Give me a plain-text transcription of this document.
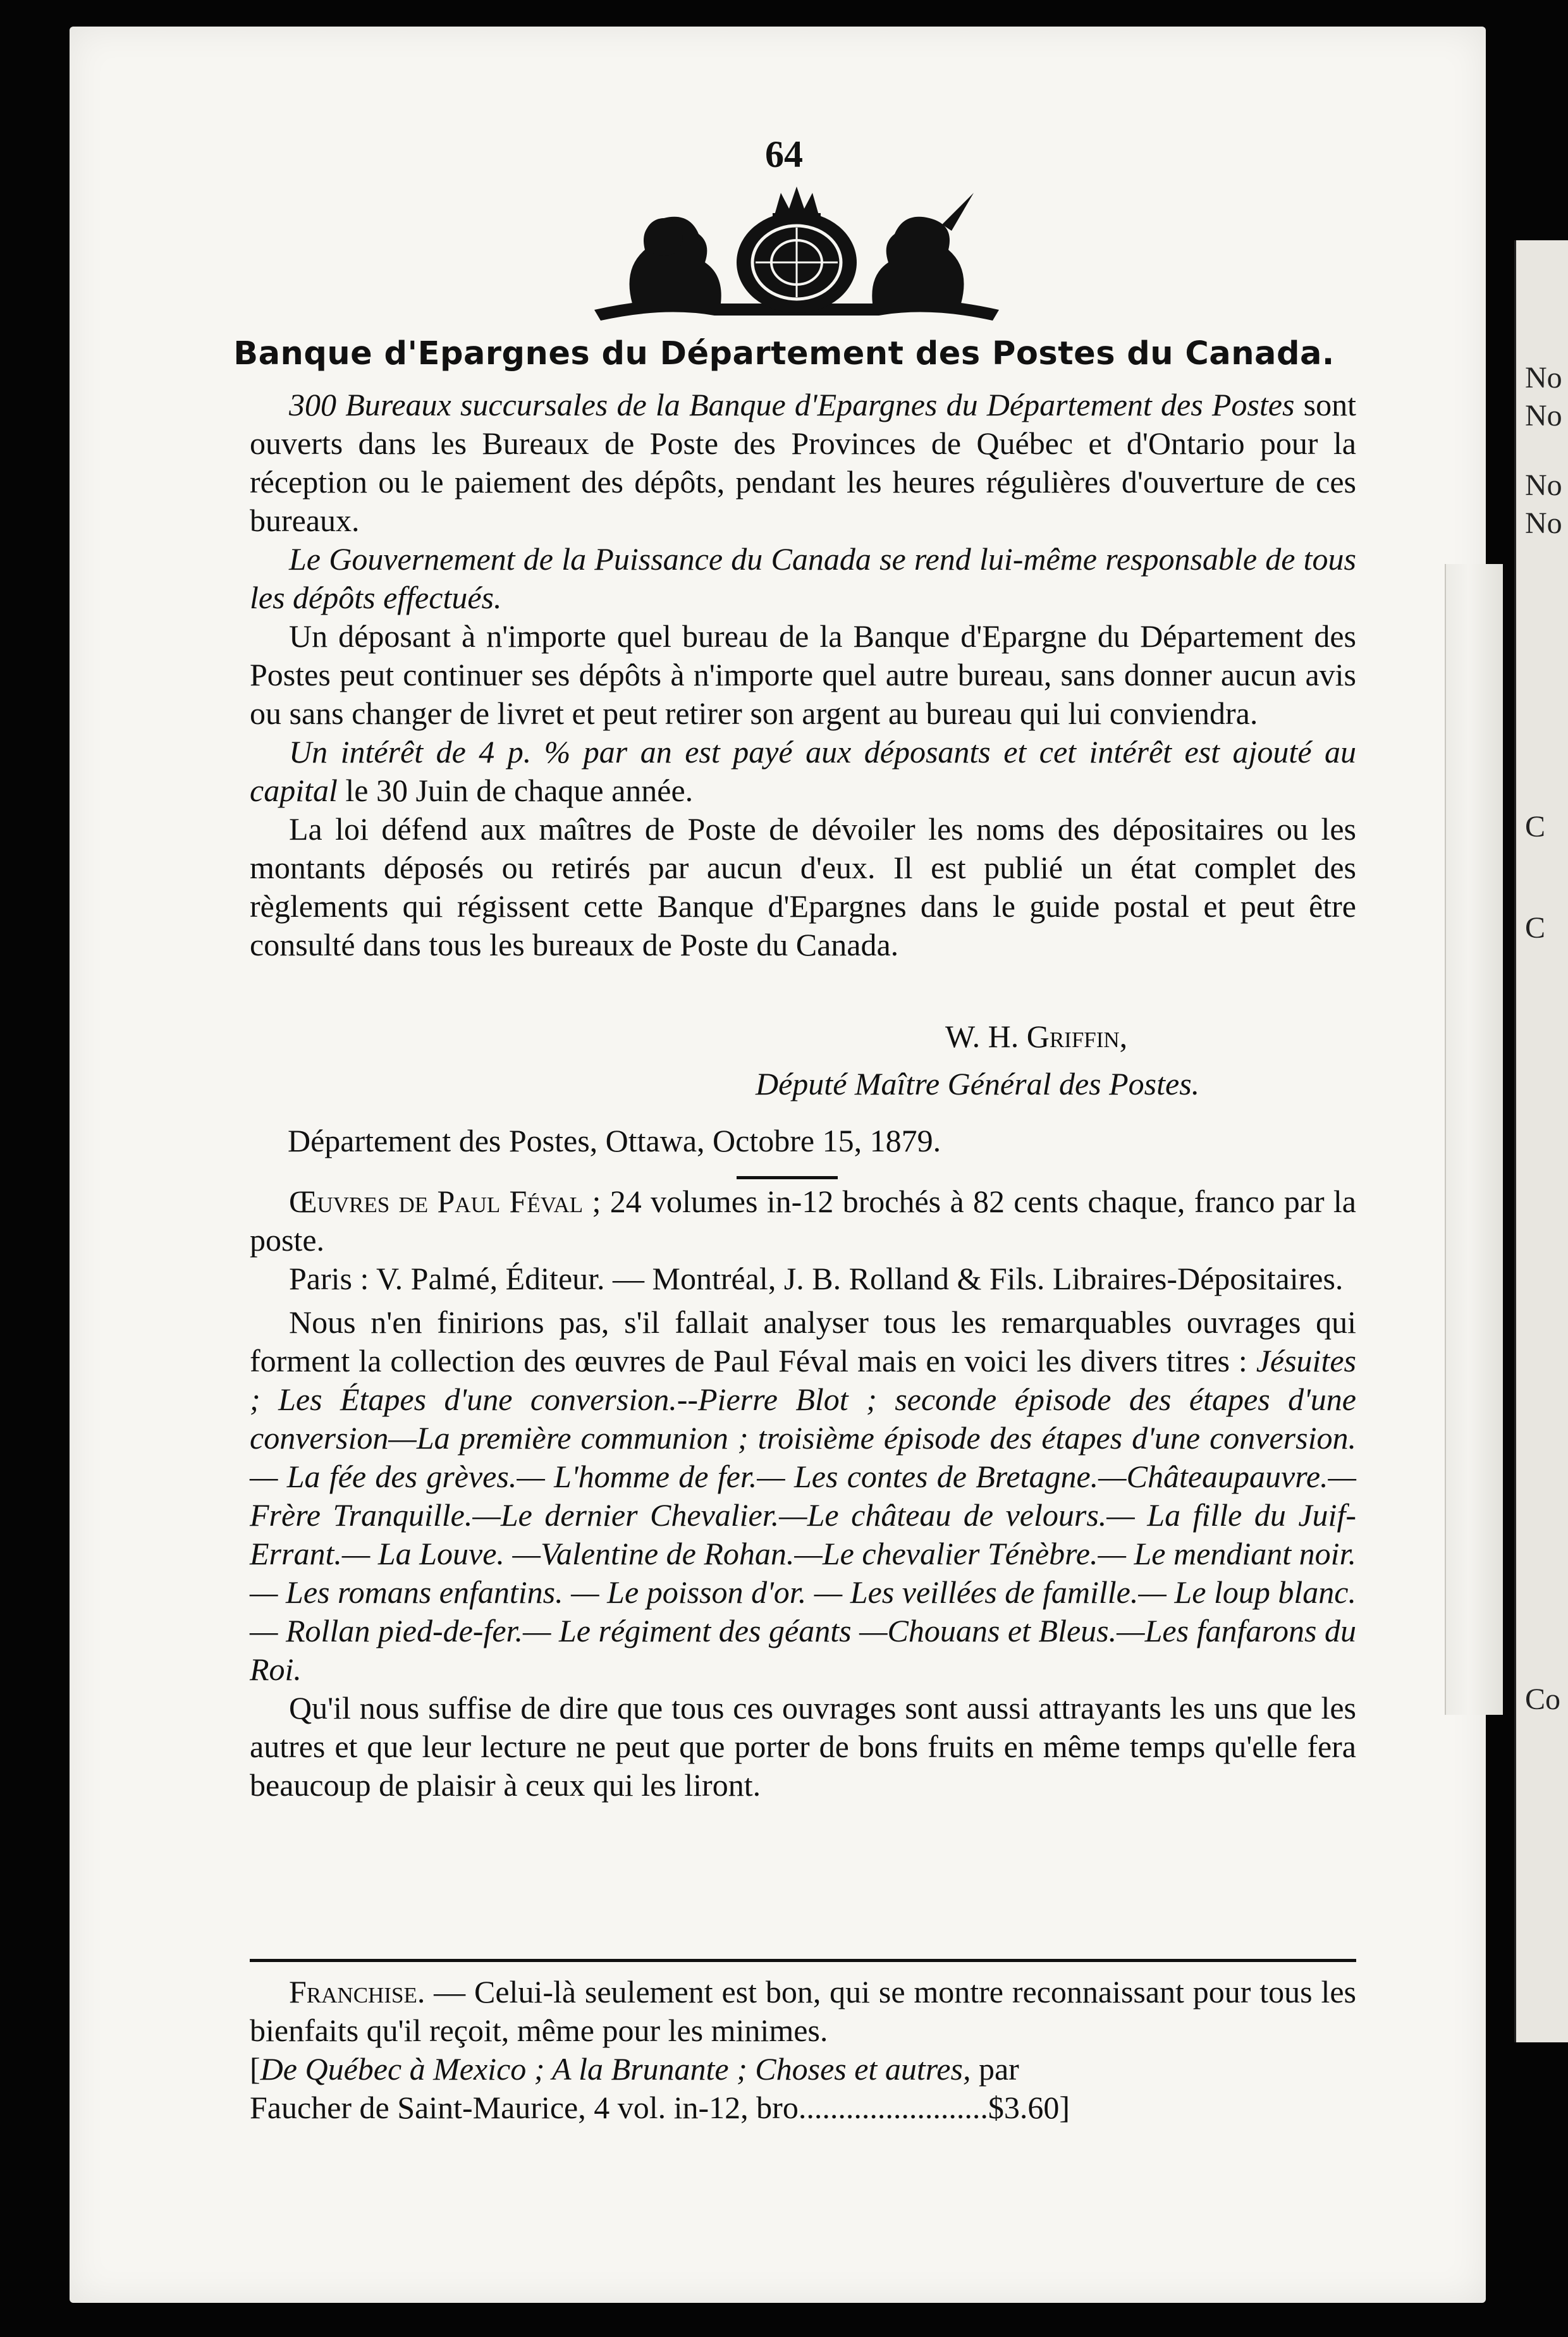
No
No
No
No
C
C
Co
64
Banque d'Epargnes du Département des Postes du Canada.

300 Bureaux succursales de la Banque d'Epargnes du Département des Postes sont ouverts dans les Bureaux de Poste des Provinces de Québec et d'Ontario pour la réception ou le paiement des dépôts, pendant les heures régulières d'ouverture de ces bureaux.

Le Gouvernement de la Puissance du Canada se rend lui-même responsable de tous les dépôts effectués.

Un déposant à n'importe quel bureau de la Banque d'Epargne du Département des Postes peut continuer ses dépôts à n'importe quel autre bureau, sans donner aucun avis ou sans changer de livret et peut retirer son argent au bureau qui lui conviendra.

Un intérêt de 4 p. % par an est payé aux déposants et cet intérêt est ajouté au capital le 30 Juin de chaque année.

La loi défend aux maîtres de Poste de dévoiler les noms des dépositaires ou les montants déposés ou retirés par aucun d'eux. Il est publié un état complet des règlements qui régissent cette Banque d'Epargnes dans le guide postal et peut être consulté dans tous les bureaux de Poste du Canada.

W. H. Griffin,
Député Maître Général des Postes.
Département des Postes, Ottawa, Octobre 15, 1879.

Œuvres de Paul Féval ; 24 volumes in-12 brochés à 82 cents chaque, franco par la poste.

Paris : V. Palmé, Éditeur. — Montréal, J. B. Rolland & Fils. Libraires-Dépositaires.

Nous n'en finirions pas, s'il fallait analyser tous les remarquables ouvrages qui forment la collection des œuvres de Paul Féval mais en voici les divers titres : Jésuites ; Les Étapes d'une conversion.--Pierre Blot ; seconde épisode des étapes d'une conversion—La première communion ; troisième épisode des étapes d'une conversion.— La fée des grèves.— L'homme de fer.— Les contes de Bretagne.—Châteaupauvre.—Frère Tranquille.—Le dernier Chevalier.—Le château de velours.— La fille du Juif-Errant.— La Louve. —Valentine de Rohan.—Le chevalier Ténèbre.— Le mendiant noir. — Les romans enfantins. — Le poisson d'or. — Les veillées de famille.— Le loup blanc.— Rollan pied-de-fer.— Le régiment des géants —Chouans et Bleus.—Les fanfarons du Roi.

Qu'il nous suffise de dire que tous ces ouvrages sont aussi attrayants les uns que les autres et que leur lecture ne peut que porter de bons fruits en même temps qu'elle fera beaucoup de plaisir à ceux qui les liront.

Franchise. — Celui-là seulement est bon, qui se montre reconnaissant pour tous les bienfaits qu'il reçoit, même pour les minimes.

[De Québec à Mexico ; A la Brunante ; Choses et autres, par
Faucher de Saint-Maurice, 4 vol. in-12, bro........................$3.60]
